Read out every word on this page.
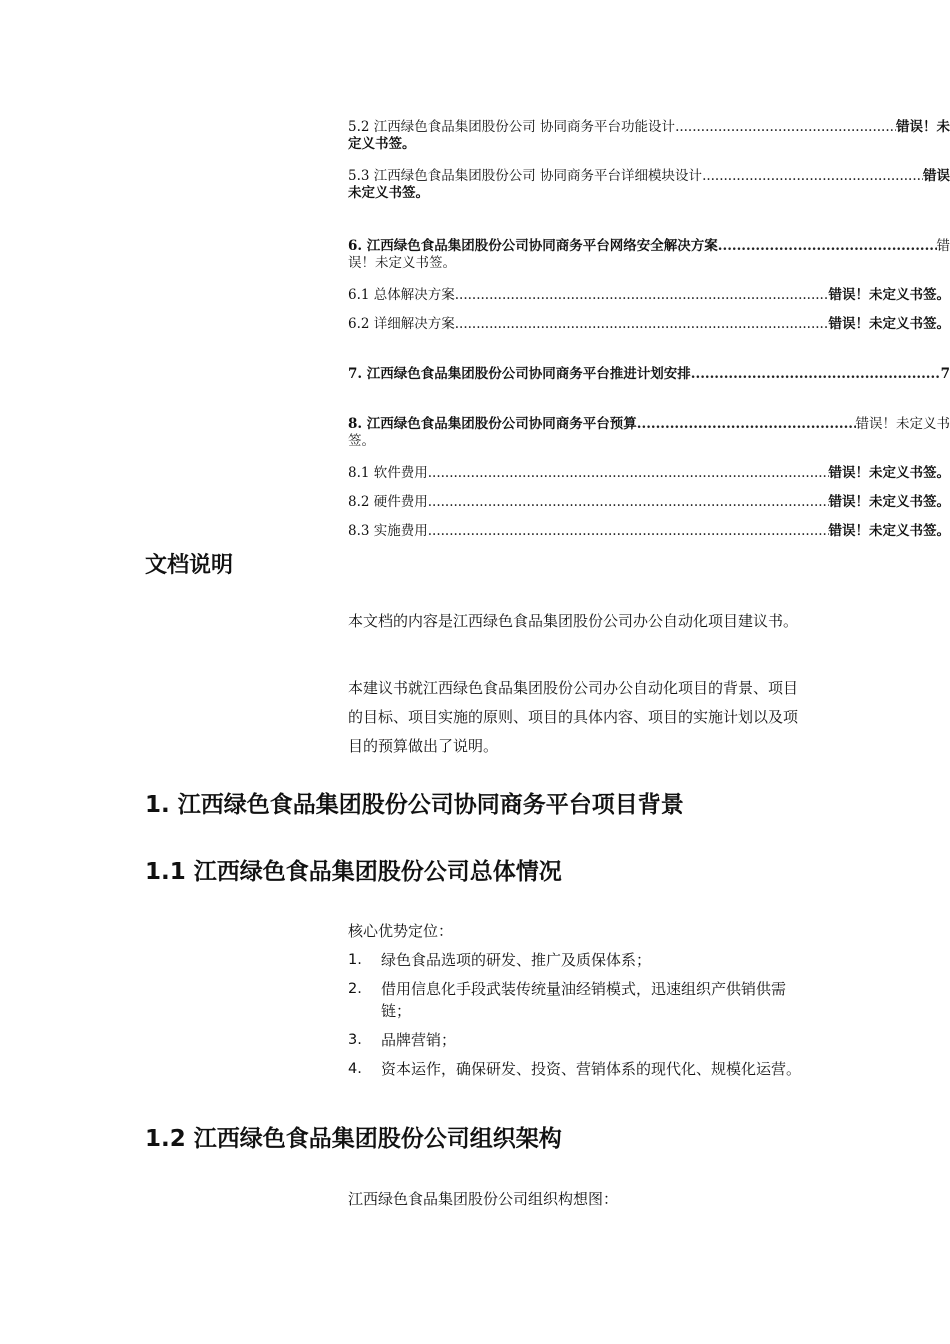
5.2 江西绿色食品集团股份公司 协同商务平台功能设计 .....	错误！未
定义书签。
5.3 江西绿色食品集团股份公司 协同商务平台详细模块设计 .....	错误
未定义书签。
6. 江西绿色食品集团股份公司协同商务平台网络安全解决方案 .....	错
误！未定义书签。
6.1 总体解决方案 .....	错误！未定义书签。
6.2 详细解决方案 .....	错误！未定义书签。
7. 江西绿色食品集团股份公司协同商务平台推进计划安排 .....	7
8. 江西绿色食品集团股份公司协同商务平台预算 .....	错误！未定义书
签。
8.1 软件费用 .....	错误！未定义书签。
8.2 硬件费用 .....	错误！未定义书签。
8.3 实施费用 .....	错误！未定义书签。
文档说明

本文档的内容是江西绿色食品集团股份公司办公自动化项目建议书。

本建议书就江西绿色食品集团股份公司办公自动化项目的背景、项目的目标、项目实施的原则、项目的具体内容、项目的实施计划以及项目的预算做出了说明。

1. 江西绿色食品集团股份公司协同商务平台项目背景
1.1 江西绿色食品集团股份公司总体情况

核心优势定位：

1.	绿色食品选项的研发、推广及质保体系；
2.	借用信息化手段武装传统量油经销模式，迅速组织产供销供需链；
3.	品牌营销；
4.	资本运作，确保研发、投资、营销体系的现代化、规模化运营。
1.2 江西绿色食品集团股份公司组织架构

江西绿色食品集团股份公司组织构想图：
